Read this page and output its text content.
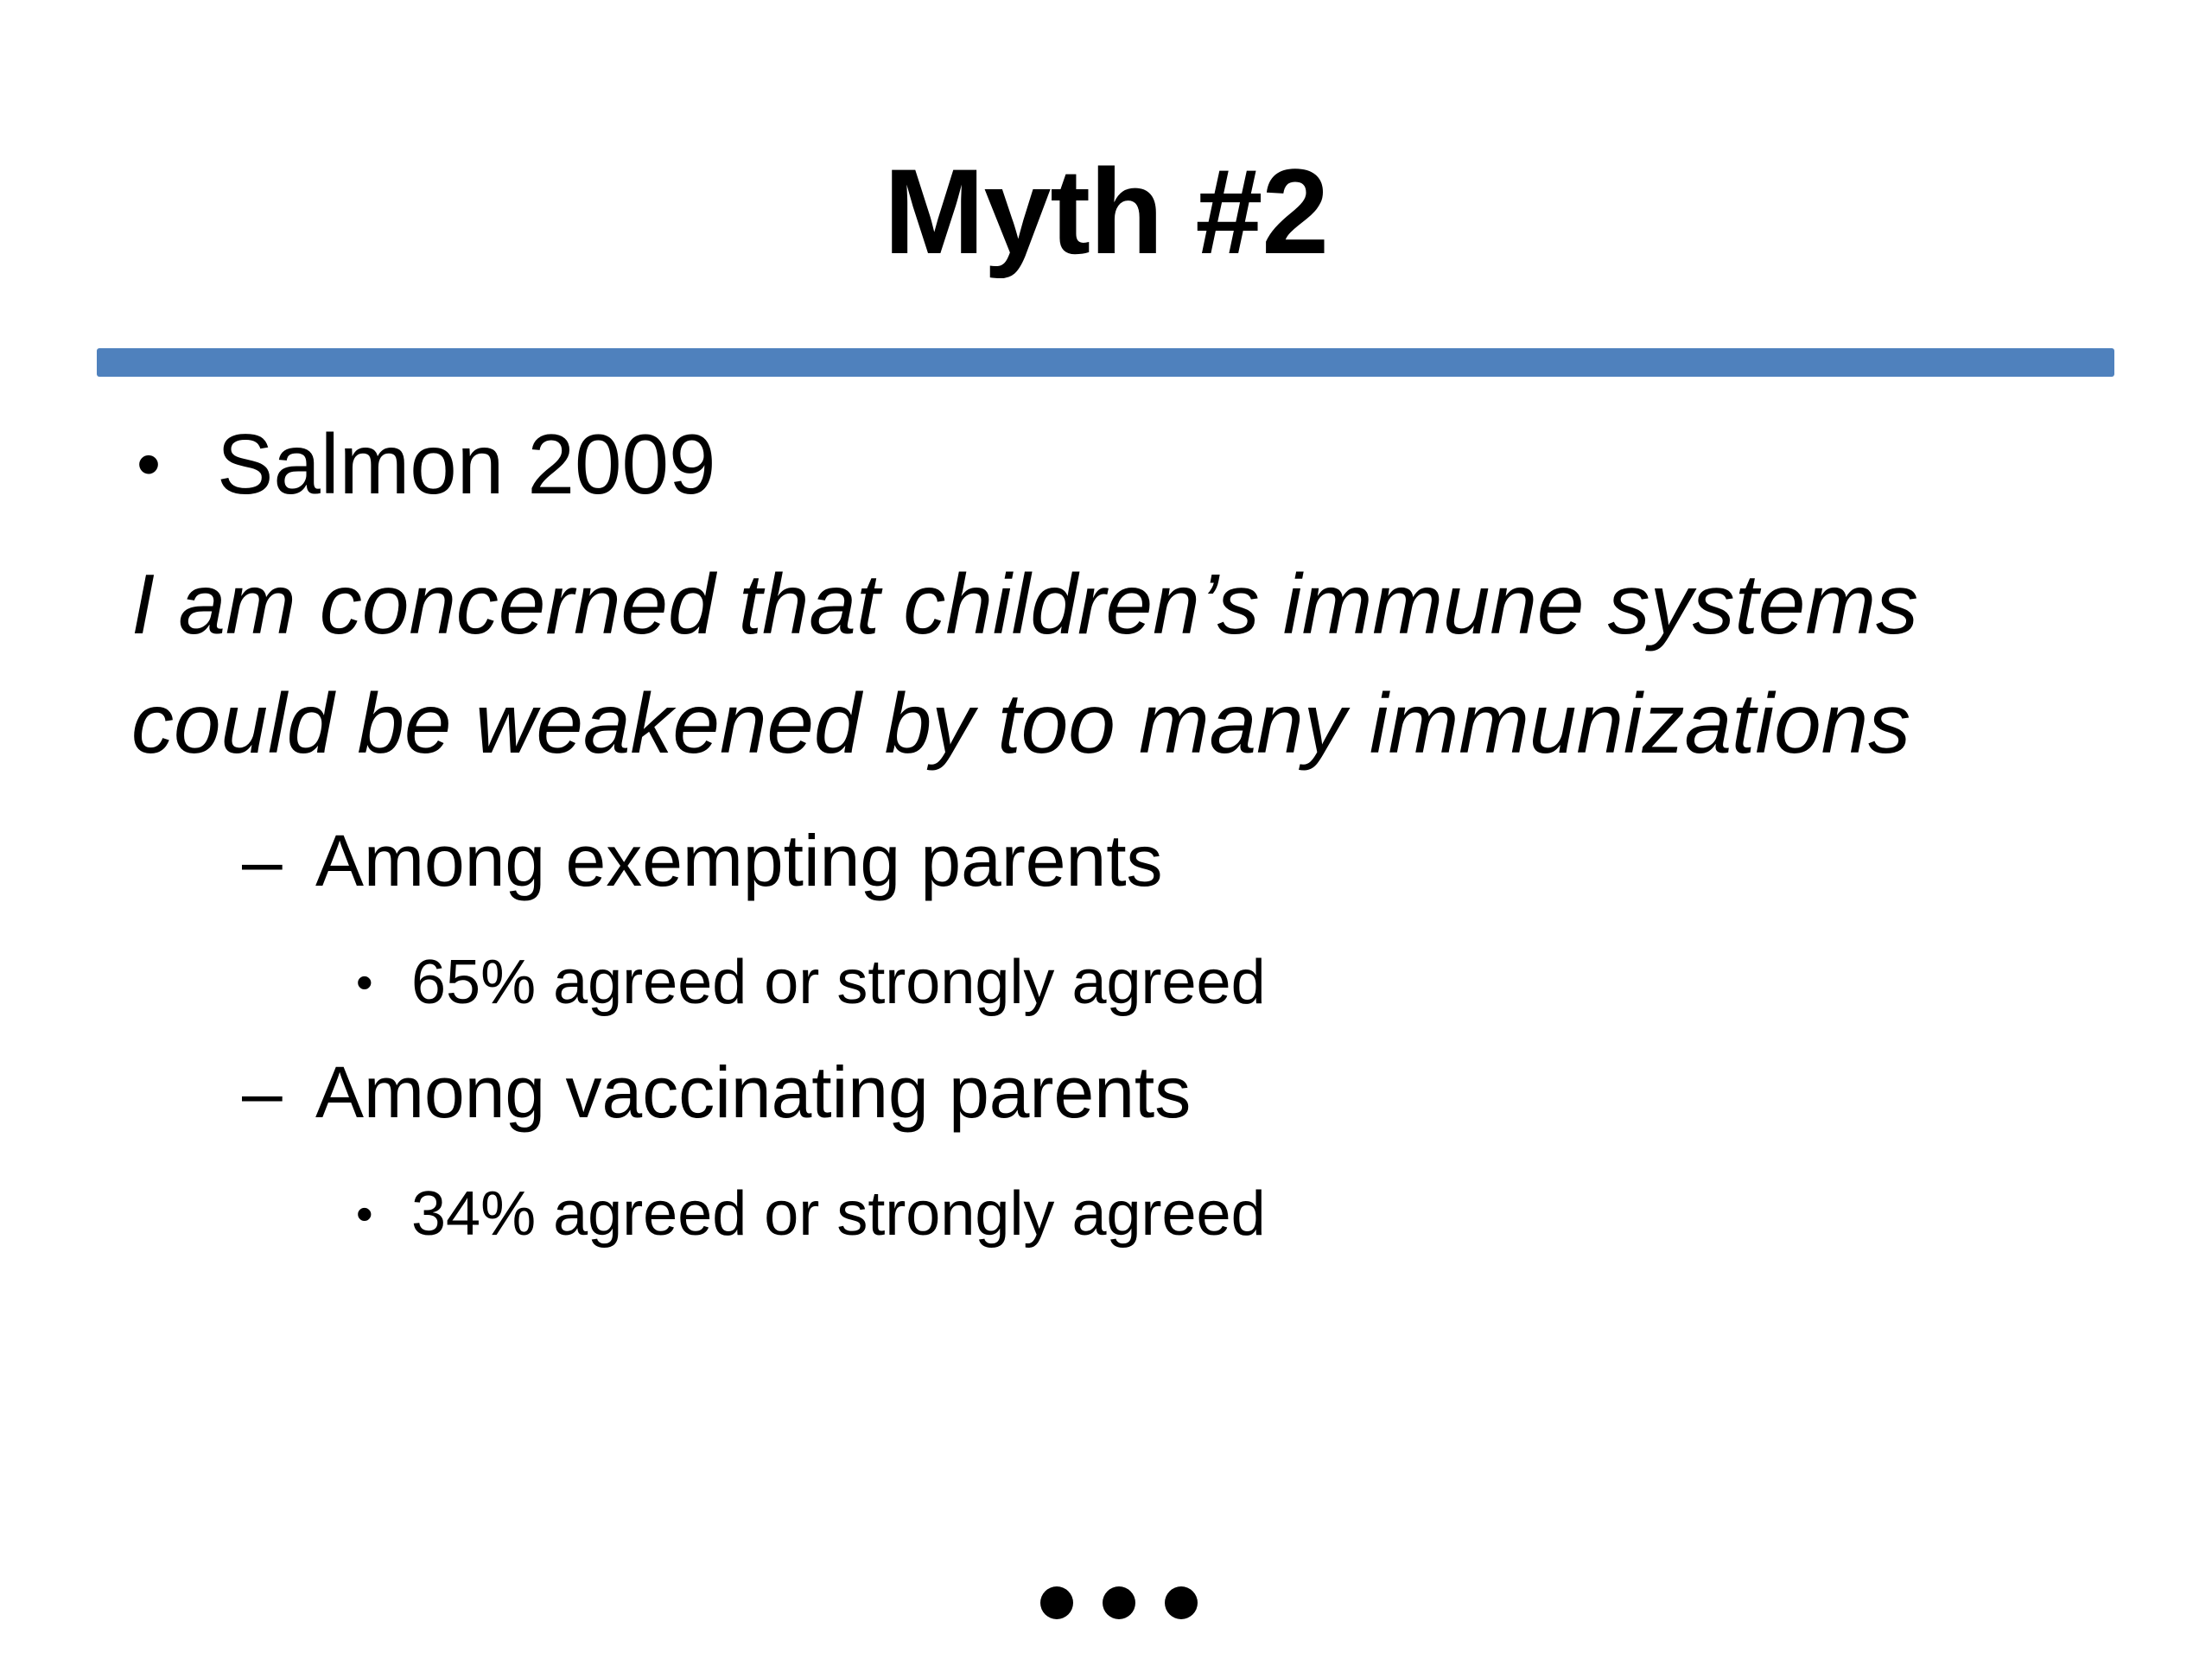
Myth #2
• Salmon 2009
I am concerned that children’s immune systems
could be weakened by too many immunizations
– Among exempting parents
• 65% agreed or strongly agreed
– Among vaccinating parents
• 34% agreed or strongly agreed
